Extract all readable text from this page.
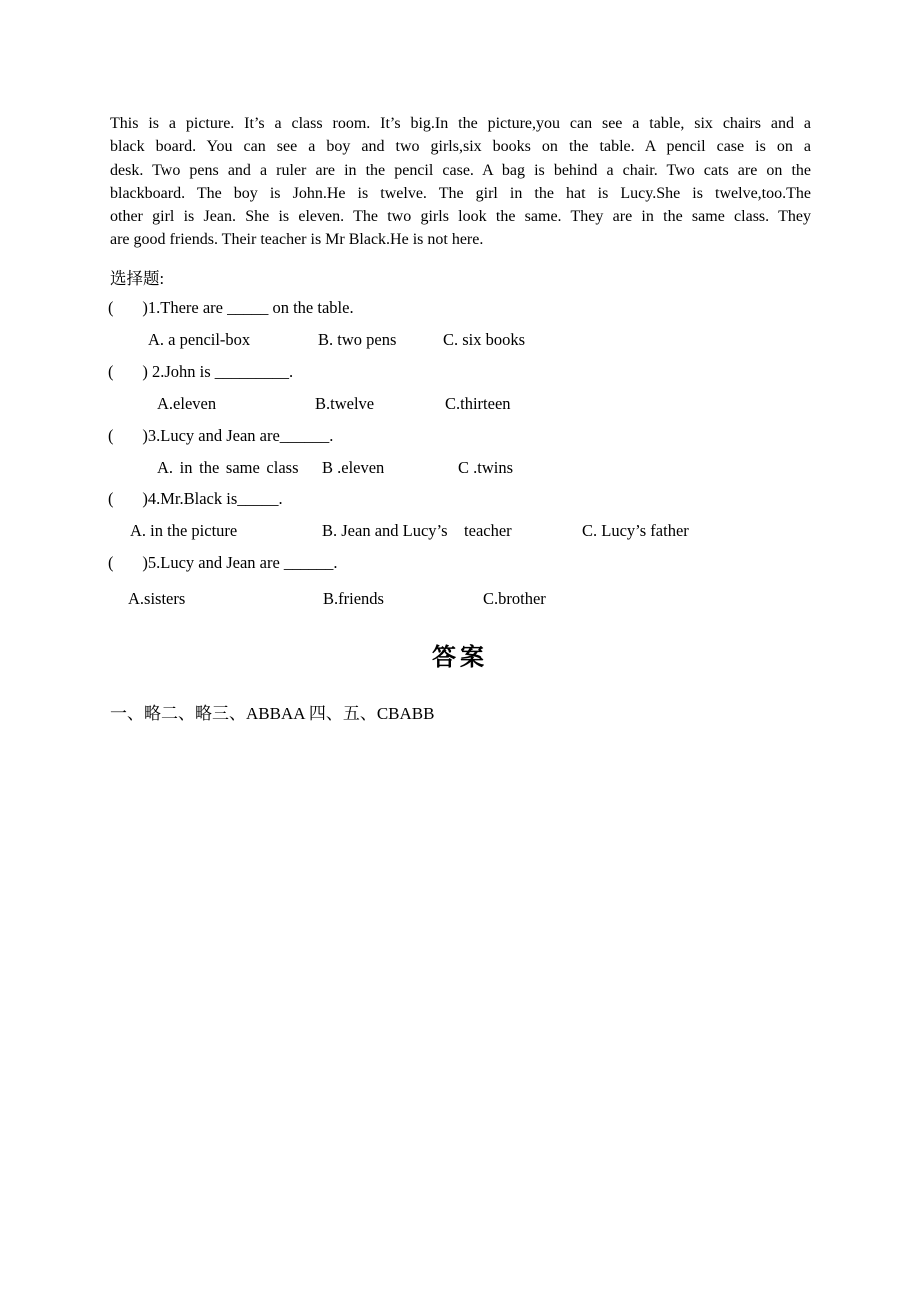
This is a picture. It’s a class room. It’s big.In the picture,you can see a table, six chairs and a
black board. You can see a boy and two girls,six books on the table. A pencil case is on a
desk. Two pens and a ruler are in the pencil case. A bag is behind a chair. Two cats are on the
blackboard. The boy is John.He is twelve. The girl in the hat is Lucy.She is twelve,too.The
other girl is Jean. She is eleven. The two girls look the same. They are in the same class. They
are good friends. Their teacher is Mr Black.He is not here.
选择题:
(       )1.There are _____ on the table.
A. a pencil-box	B. two pens	C. six books
(       ) 2.John is _________.
A.eleven	B.twelve	C.thirteen
(       )3.Lucy and Jean are______.
A. in the same class B .eleven	C .twins
(       )4.Mr.Black is_____.
A. in the picture	B. Jean and Lucy’s    teacher	C. Lucy’s father
(       )5.Lucy and Jean are ______.
A.sisters	B.friends	C.brother
答案
一、略二、略三、ABBAA 四、五、CBABB
